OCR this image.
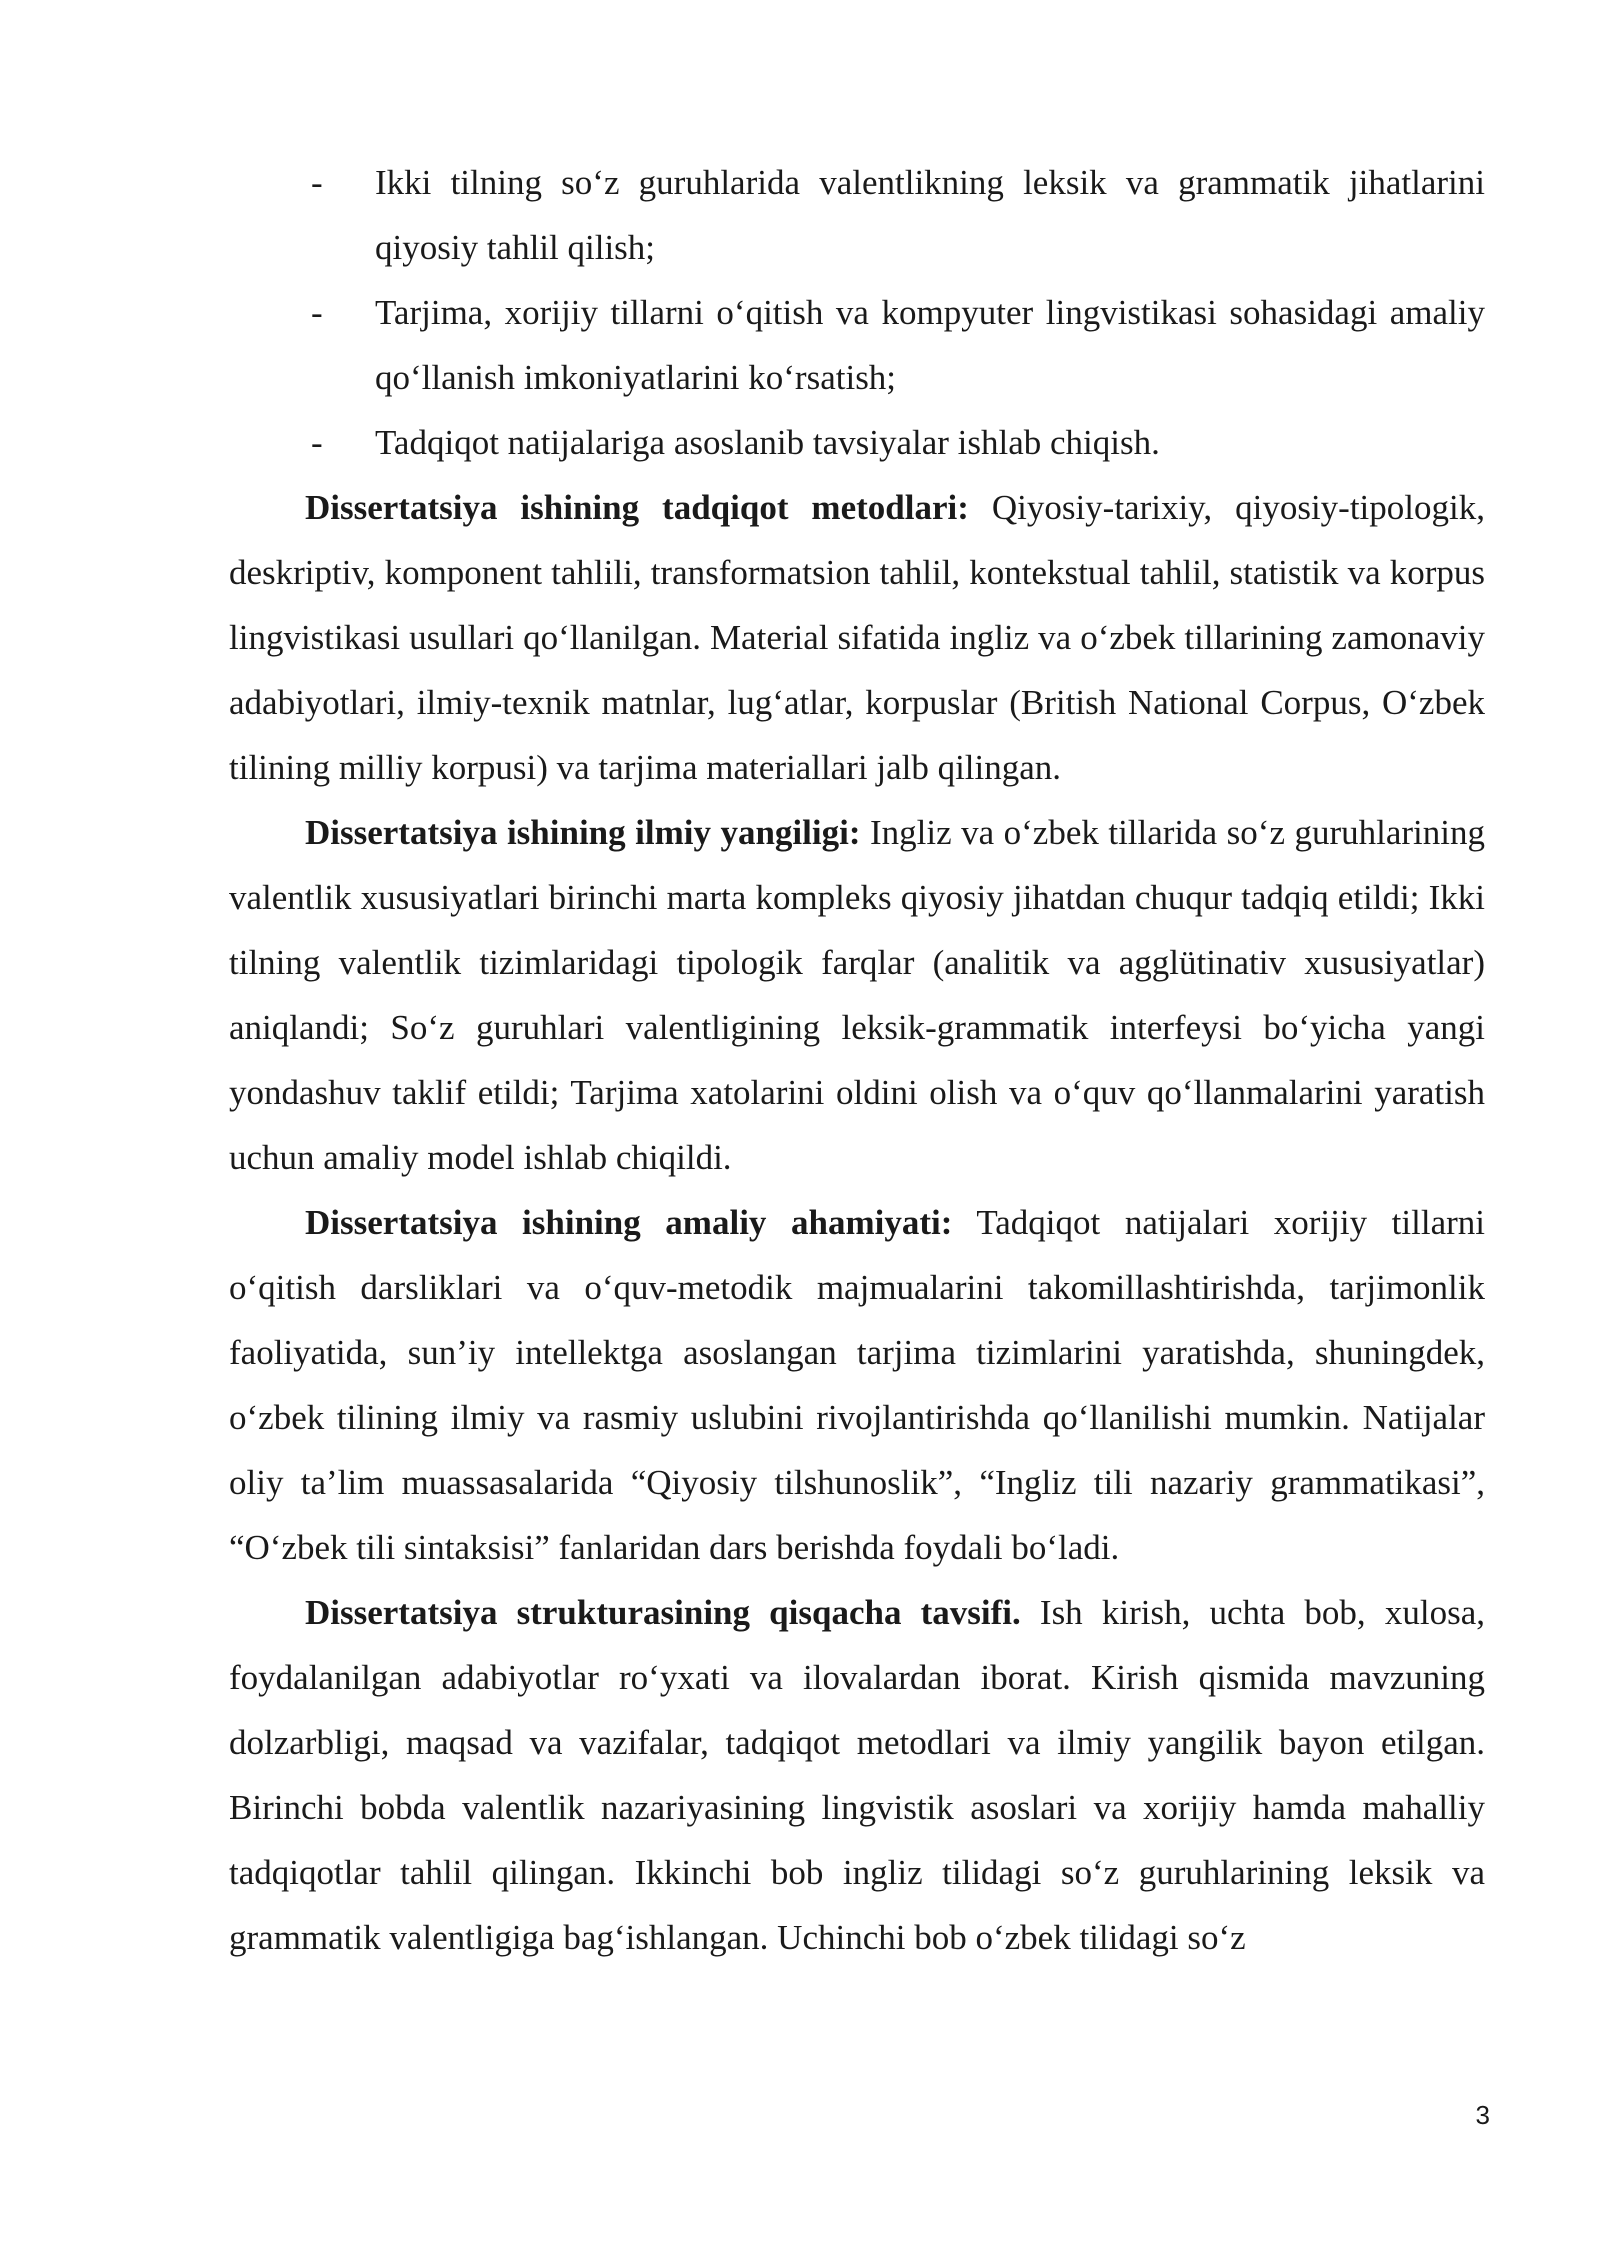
- Ikki tilning so‘z guruhlarida valentlikning leksik va grammatik jihatlarini qiyosiy tahlil qilish;
- Tarjima, xorijiy tillarni o‘qitish va kompyuter lingvistikasi sohasidagi amaliy qo‘llanish imkoniyatlarini ko‘rsatish;
- Tadqiqot natijalariga asoslanib tavsiyalar ishlab chiqish.

Dissertatsiya ishining tadqiqot metodlari: Qiyosiy-tarixiy, qiyosiy-tipologik, deskriptiv, komponent tahlili, transformatsion tahlil, kontekstual tahlil, statistik va korpus lingvistikasi usullari qo‘llanilgan. Material sifatida ingliz va o‘zbek tillarining zamonaviy adabiyotlari, ilmiy-texnik matnlar, lug‘atlar, korpuslar (British National Corpus, O‘zbek tilining milliy korpusi) va tarjima materiallari jalb qilingan.

Dissertatsiya ishining ilmiy yangiligi: Ingliz va o‘zbek tillarida so‘z guruhlarining valentlik xususiyatlari birinchi marta kompleks qiyosiy jihatdan chuqur tadqiq etildi; Ikki tilning valentlik tizimlaridagi tipologik farqlar (analitik va agglütinativ xususiyatlar) aniqlandi; So‘z guruhlari valentligining leksik-grammatik interfeysi bo‘yicha yangi yondashuv taklif etildi; Tarjima xatolarini oldini olish va o‘quv qo‘llanmalarini yaratish uchun amaliy model ishlab chiqildi.

Dissertatsiya ishining amaliy ahamiyati: Tadqiqot natijalari xorijiy tillarni o‘qitish darsliklari va o‘quv-metodik majmualarini takomillashtirishda, tarjimonlik faoliyatida, sun’iy intellektga asoslangan tarjima tizimlarini yaratishda, shuningdek, o‘zbek tilining ilmiy va rasmiy uslubini rivojlantirishda qo‘llanilishi mumkin. Natijalar oliy ta’lim muassasalarida “Qiyosiy tilshunoslik”, “Ingliz tili nazariy grammatikasi”, “O‘zbek tili sintaksisi” fanlaridan dars berishda foydali bo‘ladi.

Dissertatsiya strukturasining qisqacha tavsifi. Ish kirish, uchta bob, xulosa, foydalanilgan adabiyotlar ro‘yxati va ilovalardan iborat. Kirish qismida mavzuning dolzarbligi, maqsad va vazifalar, tadqiqot metodlari va ilmiy yangilik bayon etilgan. Birinchi bobda valentlik nazariyasining lingvistik asoslari va xorijiy hamda mahalliy tadqiqotlar tahlil qilingan. Ikkinchi bob ingliz tilidagi so‘z guruhlarining leksik va grammatik valentligiga bag‘ishlangan. Uchinchi bob o‘zbek tilidagi so‘z

3
